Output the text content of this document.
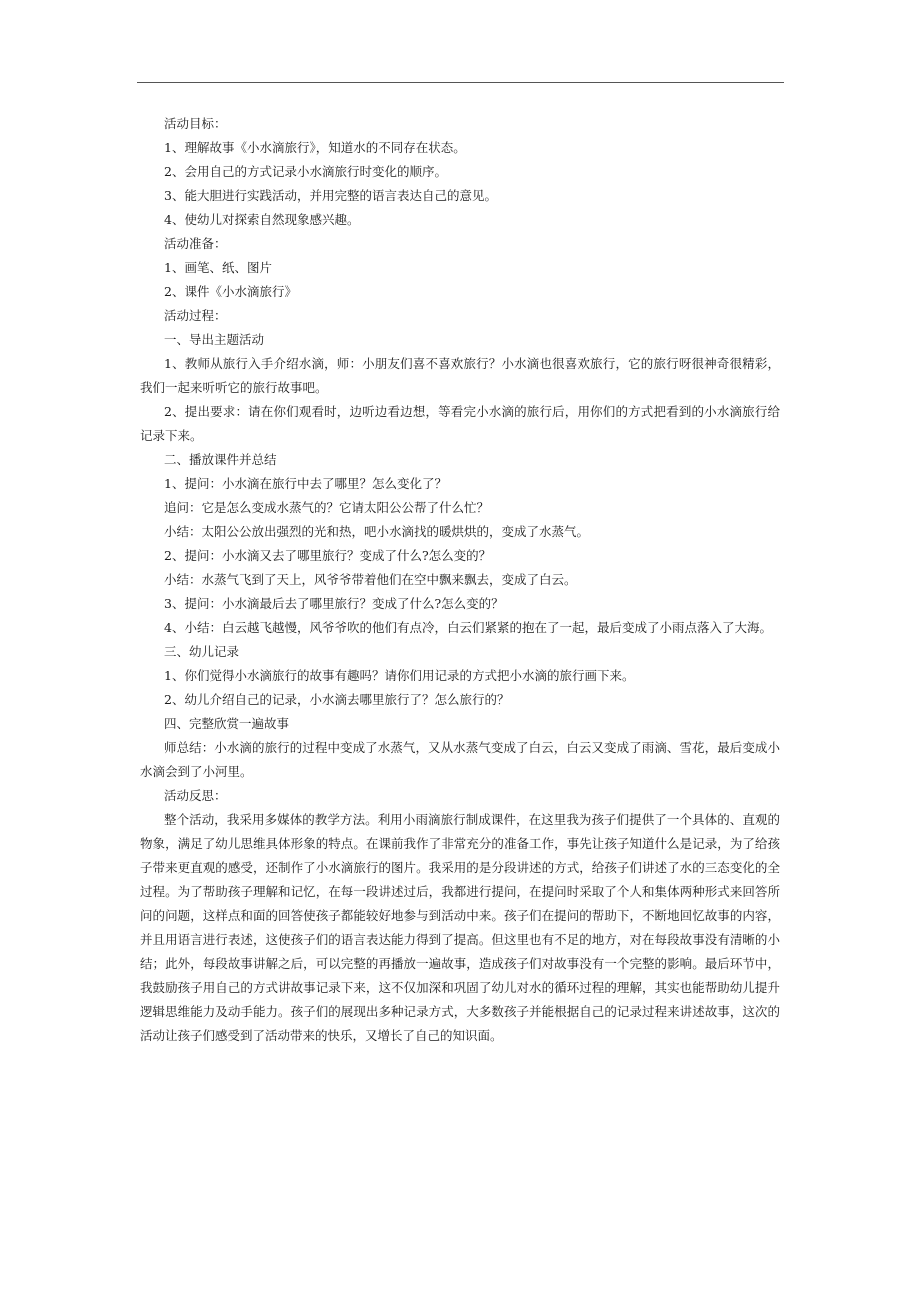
活动目标：

1、理解故事《小水滴旅行》，知道水的不同存在状态。

2、会用自己的方式记录小水滴旅行时变化的顺序。

3、能大胆进行实践活动，并用完整的语言表达自己的意见。

4、使幼儿对探索自然现象感兴趣。

活动准备：

1、画笔、纸、图片

2、课件《小水滴旅行》

活动过程：

一、导出主题活动

1、教师从旅行入手介绍水滴，师：小朋友们喜不喜欢旅行？小水滴也很喜欢旅行，它的旅行呀很神奇很精彩，我们一起来听听它的旅行故事吧。

2、提出要求：请在你们观看时，边听边看边想，等看完小水滴的旅行后，用你们的方式把看到的小水滴旅行给记录下来。

二、播放课件并总结

1、提问：小水滴在旅行中去了哪里？怎么变化了？

追问：它是怎么变成水蒸气的？它请太阳公公帮了什么忙？

小结：太阳公公放出强烈的光和热，吧小水滴找的暖烘烘的，变成了水蒸气。

2、提问：小水滴又去了哪里旅行？变成了什么?怎么变的？

小结：水蒸气飞到了天上，风爷爷带着他们在空中飘来飘去，变成了白云。

3、提问：小水滴最后去了哪里旅行？变成了什么?怎么变的？

4、小结：白云越飞越慢，风爷爷吹的他们有点冷，白云们紧紧的抱在了一起，最后变成了小雨点落入了大海。

三、幼儿记录

1、你们觉得小水滴旅行的故事有趣吗？请你们用记录的方式把小水滴的旅行画下来。

2、幼儿介绍自己的记录，小水滴去哪里旅行了？怎么旅行的？

四、完整欣赏一遍故事

师总结：小水滴的旅行的过程中变成了水蒸气，又从水蒸气变成了白云，白云又变成了雨滴、雪花，最后变成小水滴会到了小河里。

活动反思：

整个活动，我采用多媒体的教学方法。利用小雨滴旅行制成课件，在这里我为孩子们提供了一个具体的、直观的物象，满足了幼儿思维具体形象的特点。在课前我作了非常充分的准备工作，事先让孩子知道什么是记录，为了给孩子带来更直观的感受，还制作了小水滴旅行的图片。我采用的是分段讲述的方式，给孩子们讲述了水的三态变化的全过程。为了帮助孩子理解和记忆，在每一段讲述过后，我都进行提问，在提问时采取了个人和集体两种形式来回答所问的问题，这样点和面的回答使孩子都能较好地参与到活动中来。孩子们在提问的帮助下，不断地回忆故事的内容，并且用语言进行表述，这使孩子们的语言表达能力得到了提高。但这里也有不足的地方，对在每段故事没有清晰的小结；此外，每段故事讲解之后，可以完整的再播放一遍故事，造成孩子们对故事没有一个完整的影响。最后环节中，我鼓励孩子用自己的方式讲故事记录下来，这不仅加深和巩固了幼儿对水的循环过程的理解，其实也能帮助幼儿提升逻辑思维能力及动手能力。孩子们的展现出多种记录方式，大多数孩子并能根据自己的记录过程来讲述故事，这次的活动让孩子们感受到了活动带来的快乐，又增长了自己的知识面。
